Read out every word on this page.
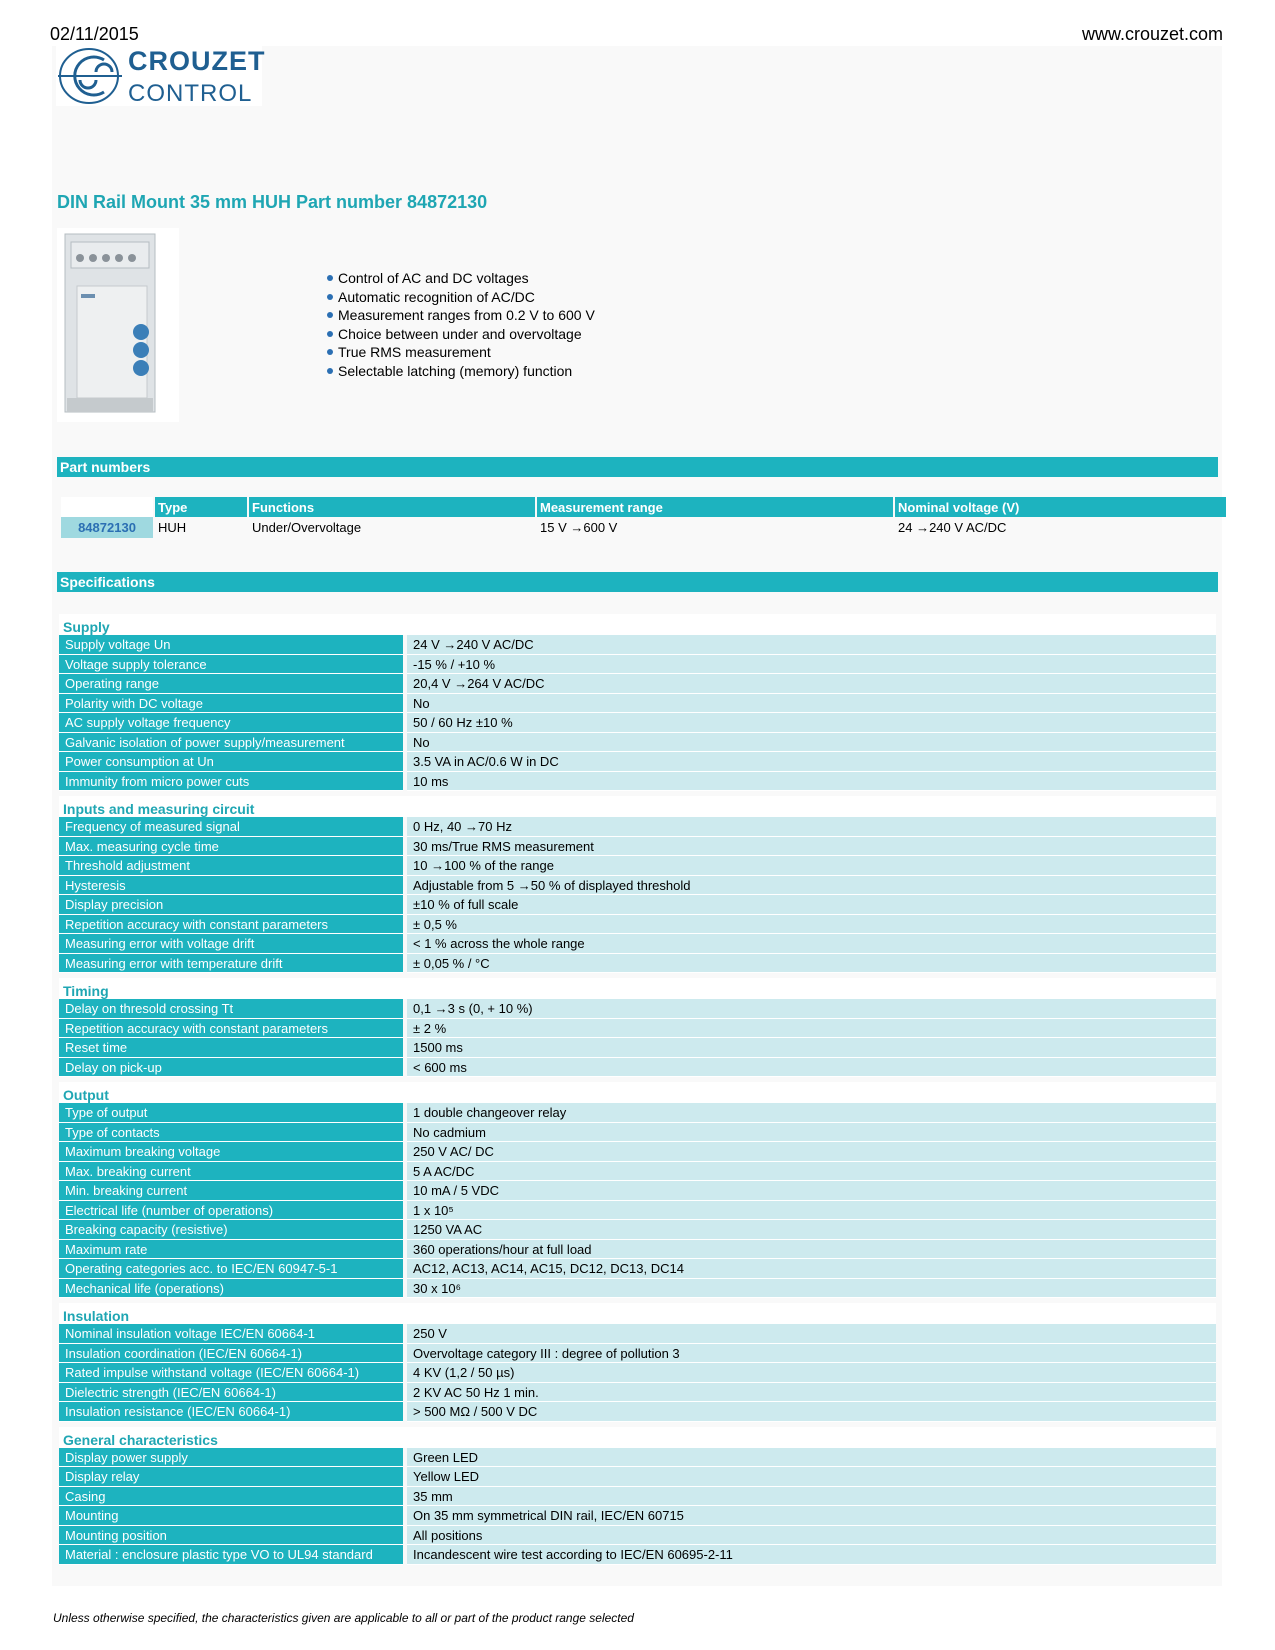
02/11/2015	www.crouzet.com
CROUZET
CONTROL
DIN Rail Mount 35 mm HUH Part number 84872130
Control of AC and DC voltages
Automatic recognition of AC/DC
Measurement ranges from 0.2 V to 600 V
Choice between under and overvoltage
True RMS measurement
Selectable latching (memory) function
Part numbers
	Type	Functions	Measurement range	Nominal voltage (V)
84872130	HUH	Under/Overvoltage	15 V →600 V	24 →240 V AC/DC
Specifications
Supply
Supply voltage Un	24 V →240 V AC/DC
Voltage supply tolerance	-15 % / +10 %
Operating range	20,4 V →264 V AC/DC
Polarity with DC voltage	No
AC supply voltage frequency	50 / 60 Hz ±10 %
Galvanic isolation of power supply/measurement	No
Power consumption at Un	3.5 VA in AC/0.6 W in DC
Immunity from micro power cuts	10 ms
Inputs and measuring circuit
Frequency of measured signal	0 Hz, 40 →70 Hz
Max. measuring cycle time	30 ms/True RMS measurement
Threshold adjustment	10 →100 % of the range
Hysteresis	Adjustable from 5 →50 % of displayed threshold
Display precision	±10 % of full scale
Repetition accuracy with constant parameters	± 0,5 %
Measuring error with voltage drift	< 1 % across the whole range
Measuring error with temperature drift	± 0,05 % / °C
Timing
Delay on thresold crossing Tt	0,1 →3 s (0, + 10 %)
Repetition accuracy with constant parameters	± 2 %
Reset time	1500 ms
Delay on pick-up	< 600 ms
Output
Type of output	1 double changeover relay
Type of contacts	No cadmium
Maximum breaking voltage	250 V AC/ DC
Max. breaking current	5 A AC/DC
Min. breaking current	10 mA / 5 VDC
Electrical life (number of operations)	1 x 10⁵
Breaking capacity (resistive)	1250 VA AC
Maximum rate	360 operations/hour at full load
Operating categories acc. to IEC/EN 60947-5-1	AC12, AC13, AC14, AC15, DC12, DC13, DC14
Mechanical life (operations)	30 x 10⁶
Insulation
Nominal insulation voltage IEC/EN 60664-1	250 V
Insulation coordination (IEC/EN 60664-1)	Overvoltage category III : degree of pollution 3
Rated impulse withstand voltage (IEC/EN 60664-1)	4 KV (1,2 / 50 µs)
Dielectric strength (IEC/EN 60664-1)	2 KV AC 50 Hz 1 min.
Insulation resistance (IEC/EN 60664-1)	> 500 MΩ / 500 V DC
General characteristics
Display power supply	Green LED
Display relay	Yellow LED
Casing	35 mm
Mounting	On 35 mm symmetrical DIN rail, IEC/EN 60715
Mounting position	All positions
Material : enclosure plastic type VO to UL94 standard	Incandescent wire test according to IEC/EN 60695-2-11
Unless otherwise specified, the characteristics given are applicable to all or part of the product range selected
